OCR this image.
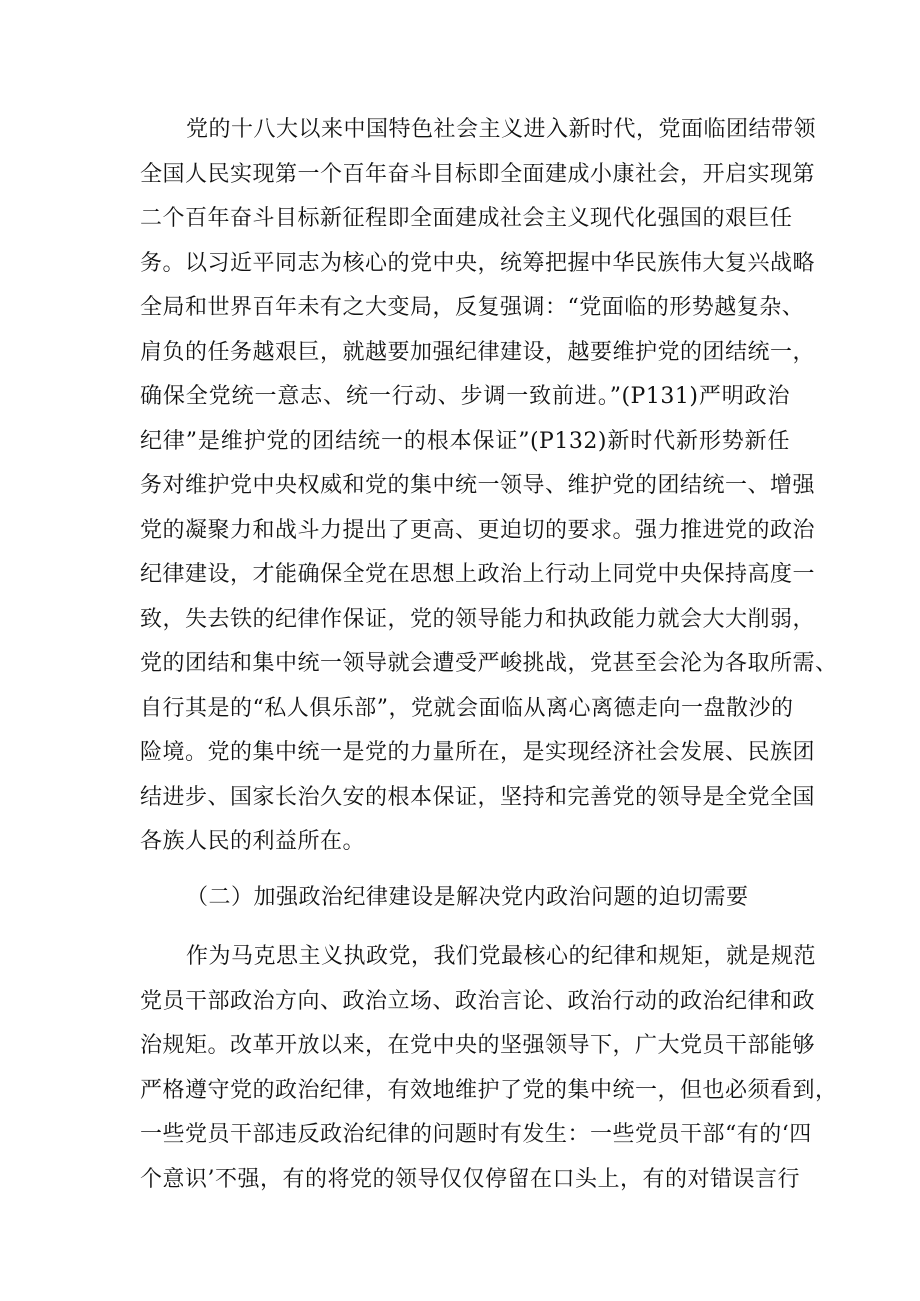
党的十八大以来中国特色社会主义进入新时代，党面临团结带领
全国人民实现第一个百年奋斗目标即全面建成小康社会，开启实现第
二个百年奋斗目标新征程即全面建成社会主义现代化强国的艰巨任
务。以习近平同志为核心的党中央，统筹把握中华民族伟大复兴战略
全局和世界百年未有之大变局，反复强调：“党面临的形势越复杂、
肩负的任务越艰巨，就越要加强纪律建设，越要维护党的团结统一，
确保全党统一意志、统一行动、步调一致前进。”(P131)严明政治
纪律”是维护党的团结统一的根本保证”(P132)新时代新形势新任
务对维护党中央权威和党的集中统一领导、维护党的团结统一、增强
党的凝聚力和战斗力提出了更高、更迫切的要求。强力推进党的政治
纪律建设，才能确保全党在思想上政治上行动上同党中央保持高度一
致，失去铁的纪律作保证，党的领导能力和执政能力就会大大削弱，
党的团结和集中统一领导就会遭受严峻挑战，党甚至会沦为各取所需、
自行其是的“私人俱乐部”，党就会面临从离心离德走向一盘散沙的
险境。党的集中统一是党的力量所在，是实现经济社会发展、民族团
结进步、国家长治久安的根本保证，坚持和完善党的领导是全党全国
各族人民的利益所在。
（二）加强政治纪律建设是解决党内政治问题的迫切需要
作为马克思主义执政党，我们党最核心的纪律和规矩，就是规范
党员干部政治方向、政治立场、政治言论、政治行动的政治纪律和政
治规矩。改革开放以来，在党中央的坚强领导下，广大党员干部能够
严格遵守党的政治纪律，有效地维护了党的集中统一，但也必须看到，
一些党员干部违反政治纪律的问题时有发生：一些党员干部“有的‘四
个意识’不强，有的将党的领导仅仅停留在口头上，有的对错误言行
